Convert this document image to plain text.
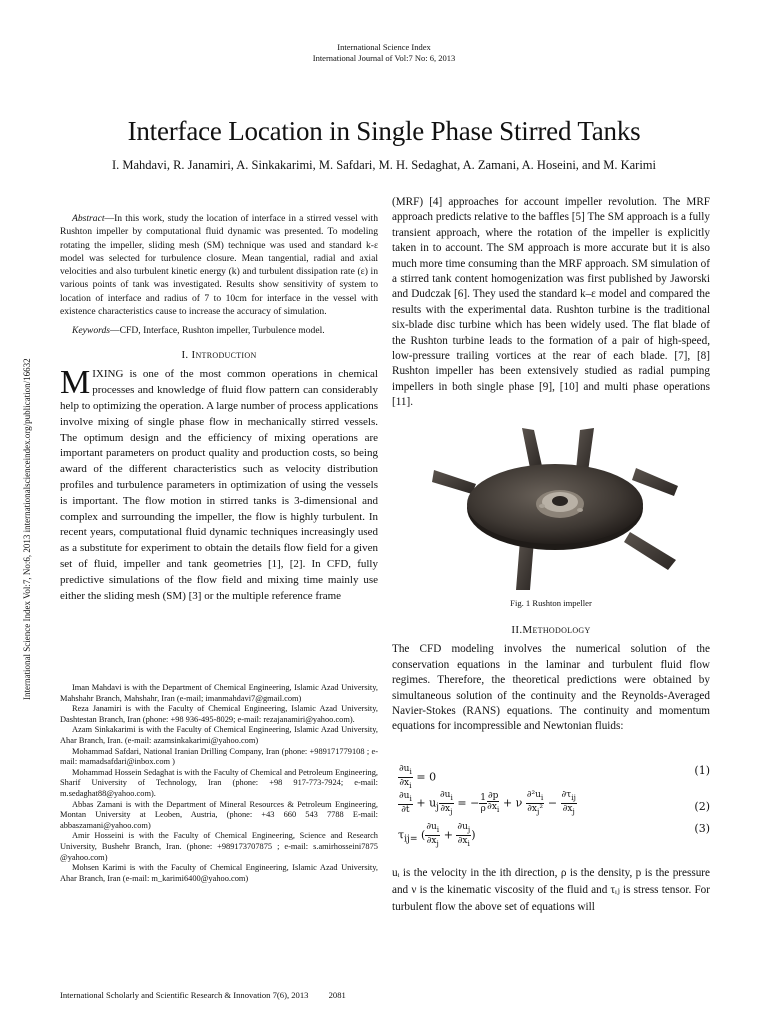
International Science Index
International Journal of Vol:7 No: 6, 2013
Interface Location in Single Phase Stirred Tanks
I. Mahdavi, R. Janamiri, A. Sinkakarimi, M. Safdari, M. H. Sedaghat, A. Zamani, A. Hoseini, and M. Karimi
International Science Index Vol:7, No:6, 2013 internationalscienceindex.org/publication/16632

Abstract—In this work, study the location of interface in a stirred vessel with Rushton impeller by computational fluid dynamic was presented. To modeling rotating the impeller, sliding mesh (SM) technique was used and standard k-ε model was selected for turbulence closure. Mean tangential, radial and axial velocities and also turbulent kinetic energy (k) and turbulent dissipation rate (ε) in various points of tank was investigated. Results show sensitivity of system to location of interface and radius of 7 to 10cm for interface in the vessel with existence characteristics cause to increase the accuracy of simulation.

Keywords—CFD, Interface, Rushton impeller, Turbulence model.

I. Introduction

MIXING is one of the most common operations in chemical processes and knowledge of fluid flow pattern can considerably help to optimizing the operation. A large number of process applications involve mixing of single phase flow in mechanically stirred vessels. The optimum design and the efficiency of mixing operations are important parameters on product quality and production costs, so being award of the different characteristics such as velocity distribution profiles and turbulence parameters in optimization of using the vessels is important. The flow motion in stirred tanks is 3-dimensional and complex and surrounding the impeller, the flow is highly turbulent. In recent years, computational fluid dynamic techniques increasingly used as a substitute for experiment to obtain the details flow field for a given set of fluid, impeller and tank geometries [1], [2]. In CFD, fully predictive simulations of the flow field and mixing time mainly use either the sliding mesh (SM) [3] or the multiple reference frame

Iman Mahdavi is with the Department of Chemical Engineering, Islamic Azad University, Mahshahr Branch, Mahshahr, Iran (e-mail; imanmahdavi7@gmail.com)

Reza Janamiri is with the Faculty of Chemical Engineering, Islamic Azad University, Dashtestan Branch, Iran (phone: +98 936-495-8029; e-mail: rezajanamiri@yahoo.com).

Azam Sinkakarimi is with the Faculty of Chemical Engineering, Islamic Azad University, Ahar Branch, Iran. (e-mail: azamsinkakarimi@yahoo.com)

Mohammad Safdari, National Iranian Drilling Company, Iran (phone: +989171779108 ; e-mail: mamadsafdari@inbox.com )

Mohammad Hossein Sedaghat is with the Faculty of Chemical and Petroleum Engineering, Sharif University of Technology, Iran (phone: +98 917-773-7924; e-mail: m.sedaghat88@yahoo.com).

Abbas Zamani is with the Department of Mineral Resources & Petroleum Engineering, Montan University at Leoben, Austria, (phone: +43 660 543 7788 E-mail: abbaszamani@yahoo.com)

Amir Hosseini is with the Faculty of Chemical Engineering, Science and Research University, Bushehr Branch, Iran. (phone: +989173707875 ; e-mail: s.amirhosseini7875 @yahoo.com)

Mohsen Karimi is with the Faculty of Chemical Engineering, Islamic Azad University, Ahar Branch, Iran (e-mail: m_karimi6400@yahoo.com)

(MRF) [4] approaches for account impeller revolution. The MRF approach predicts relative to the baffles [5] The SM approach is a fully transient approach, where the rotation of the impeller is explicitly taken in to account. The SM approach is more accurate but it is also much more time consuming than the MRF approach. SM simulation of a stirred tank content homogenization was first published by Jaworski and Dudczak [6]. They used the standard k–ε model and compared the results with the experimental data. Rushton turbine is the traditional six-blade disc turbine which has been widely used. The flat blade of the Rushton turbine leads to the formation of a pair of high-speed, low-pressure trailing vortices at the rear of each blade. [7], [8] Rushton impeller has been extensively studied as radial pumping impellers in both single phase [9], [10] and multi phase operations [11].
Fig. 1 Rushton impeller
II.Methodology

The CFD modeling involves the numerical solution of the conservation equations in the laminar and turbulent fluid flow regimes. Therefore, the theoretical predictions were obtained by simultaneous solution of the continuity and the Reynolds-Averaged Navier-Stokes (RANS) equations. The continuity and momentum equations for incompressible and Newtonian fluids:

$\frac{\partial u_i}{\partial x_i} = 0$	(1)
$\frac{\partial u_i}{\partial t} + u_j \frac{\partial u_i}{\partial x_j}$ = − $\frac{1}{\rho} \frac{\partial p}{\partial x_i} + \nu \frac{\partial^2u_i}{\partial x_j^2} - \frac{\partial\tau_{ij}}{\partial x_j}$	(2)
$\tau_{ij=}$ ( $\frac{\partial u_i}{\partial x_j} + \frac{\partial u_j}{\partial x_i}$ )	(3)
uᵢ is the velocity in the ith direction, ρ is the density, p is the pressure and ν is the kinematic viscosity of the fluid and τᵢⱼ is stress tensor. For turbulent flow the above set of equations will
International Scholarly and Scientific Research & Innovation 7(6), 2013 2081
